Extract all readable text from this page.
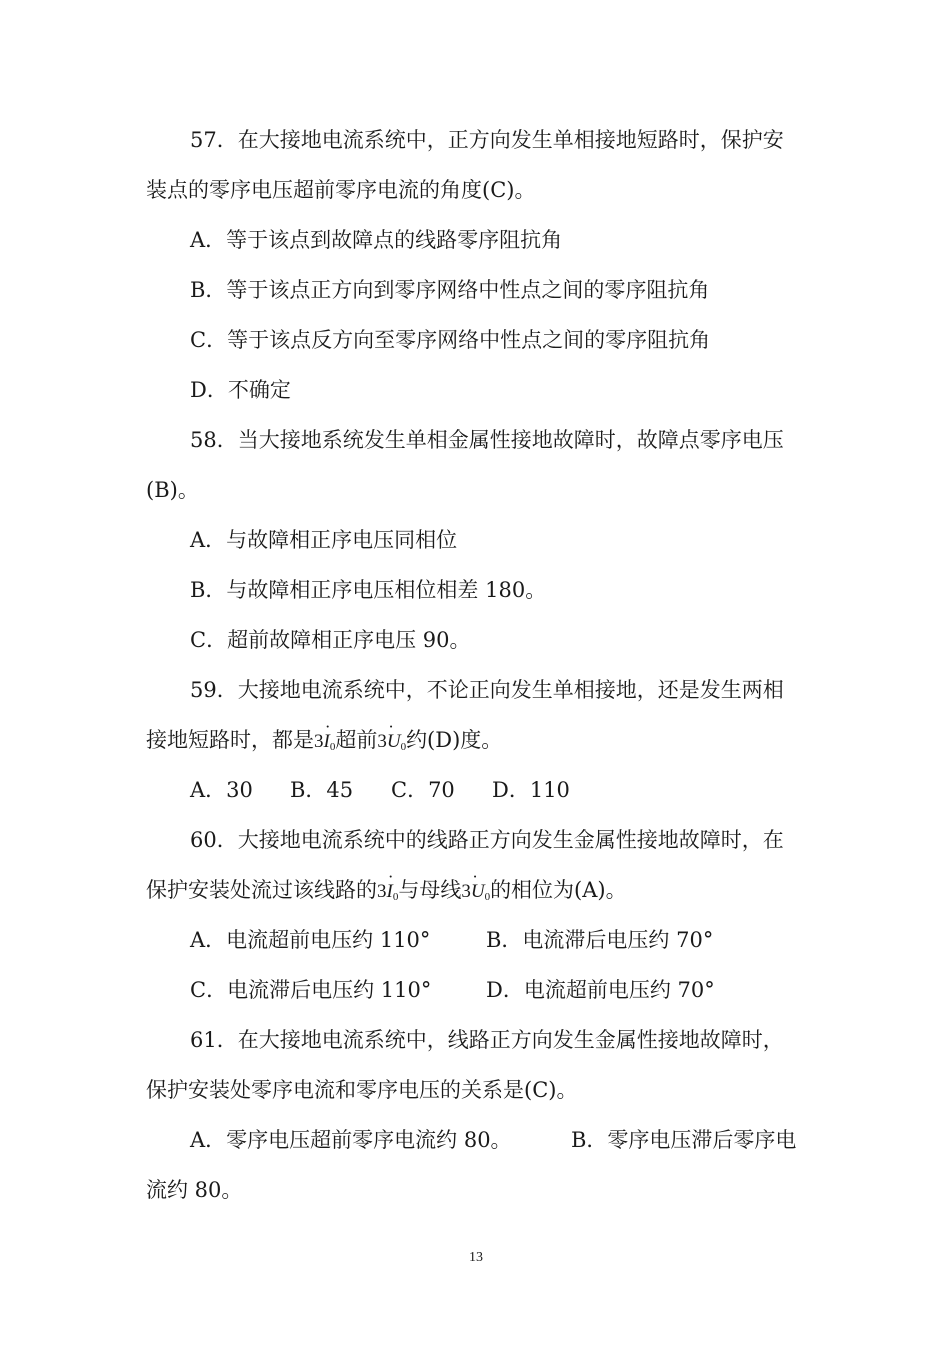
57．在大接地电流系统中，正方向发生单相接地短路时，保护安
装点的零序电压超前零序电流的角度(C)。
A．等于该点到故障点的线路零序阻抗角
B．等于该点正方向到零序网络中性点之间的零序阻抗角
C．等于该点反方向至零序网络中性点之间的零序阻抗角
D．不确定
58．当大接地系统发生单相金属性接地故障时，故障点零序电压
(B)。
A．与故障相正序电压同相位
B．与故障相正序电压相位相差 180。
C．超前故障相正序电压 90。
59．大接地电流系统中，不论正向发生单相接地，还是发生两相
接地短路时，都是3˙ $I_0$超前3˙ $U_0$约(D)度。
A．30 B．45 C．70 D．110
60．大接地电流系统中的线路正方向发生金属性接地故障时，在
保护安装处流过该线路的3˙ $I_0$与母线3˙ $U_0$的相位为(A)。
A．电流超前电压约 110°	B．电流滞后电压约 70°
C．电流滞后电压约 110°	D．电流超前电压约 70°
61．在大接地电流系统中，线路正方向发生金属性接地故障时，
保护安装处零序电流和零序电压的关系是(C)。
A．零序电压超前零序电流约 80。	B．零序电压滞后零序电
流约 80。
13
